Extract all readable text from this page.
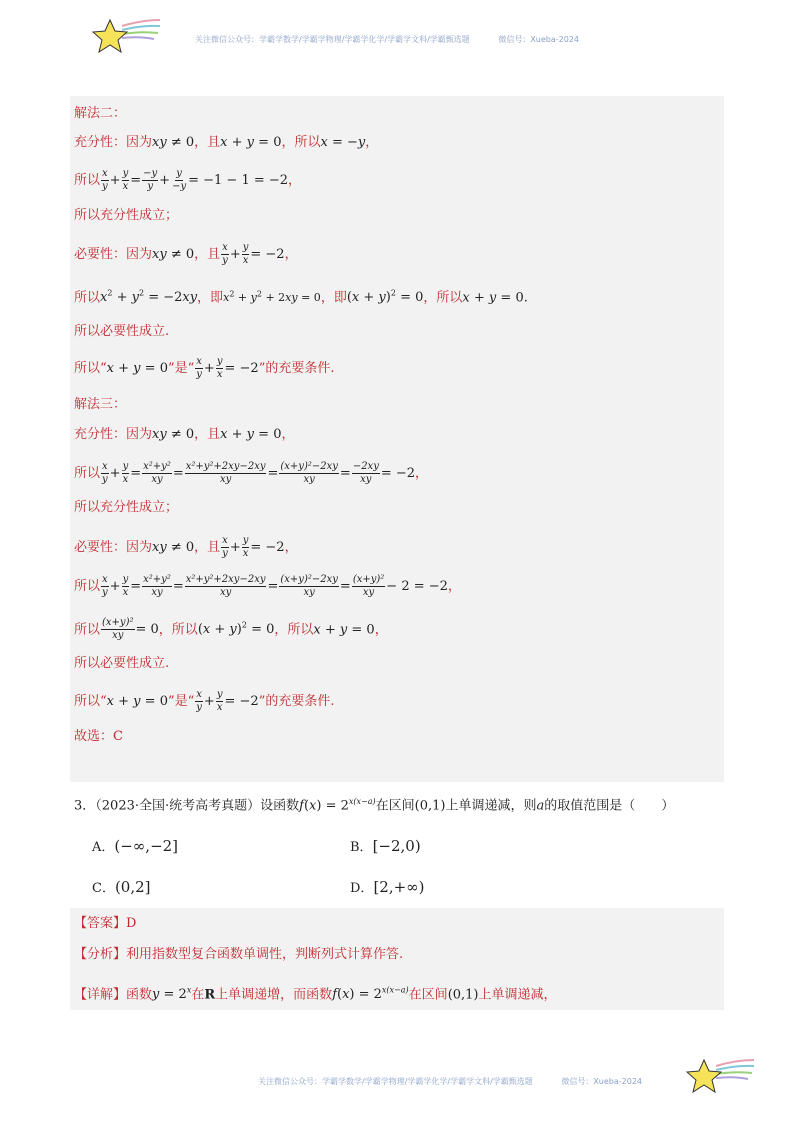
关注微信公众号：学霸学数学/学霸学物理/学霸学化学/学霸学文科/学霸甄选题	微信号：Xueba-2024
解法二：
充分性：因为xy ≠ 0，且x + y = 0，所以x = −y，
所以 $\frac{x}{y} + \frac{y}{x} = \frac{-y}{y} + \frac{y}{-y} = -1 - 1 = -2$，
所以充分性成立；
必要性：因为xy ≠ 0，且 $\frac{x}{y} + \frac{y}{x} = -2$，
所以$x^2 + y^2 = -2xy$，即$x^2 + y^2 + 2xy = 0$，即$(x + y)^2 = 0$，所以x + y = 0.
所以必要性成立.
所以“x + y = 0”是“ $\frac{x}{y} + \frac{y}{x} = -2$”的充要条件.
解法三：
充分性：因为xy ≠ 0，且x + y = 0，
所以 $\frac{x}{y} + \frac{y}{x} = \frac{\text{x²+y²}}{xy} = \frac{\text{x²+y²+2xy−2xy}}{xy} = \frac{\text{(x+y)²−2xy}}{xy} = \frac{-2xy}{xy} = -2$，
所以充分性成立；
必要性：因为xy ≠ 0，且 $\frac{x}{y} + \frac{y}{x} = -2$，
所以 $\frac{x}{y} + \frac{y}{x} = \frac{\text{x²+y²}}{xy} = \frac{\text{x²+y²+2xy−2xy}}{xy} = \frac{\text{(x+y)²−2xy}}{xy} = \frac{\text{(x+y)²}}{xy} - 2 = -2$，
所以 $\frac{\text{(x+y)²}}{xy} = 0$，所以$(x + y)^2 = 0$，所以x + y = 0，
所以必要性成立.
所以“x + y = 0”是“ $\frac{x}{y} + \frac{y}{x} = -2$”的充要条件.
故选：C
3．（2023·全国·统考高考真题）设函数$f(x) = 2^{x(x-a)}$在区间(0,1)上单调递减，则a的取值范围是（　　）
A．(−∞,−2]	B．[−2,0)
C．(0,2]	D．[2,+∞)
【答案】D
【分析】利用指数型复合函数单调性，判断列式计算作答.
【详解】函数$y = 2^x$在R上单调递增，而函数$f(x) = 2^{x(x-a)}$在区间(0,1)上单调递减，
关注微信公众号：学霸学数学/学霸学物理/学霸学化学/学霸学文科/学霸甄选题	微信号：Xueba-2024
